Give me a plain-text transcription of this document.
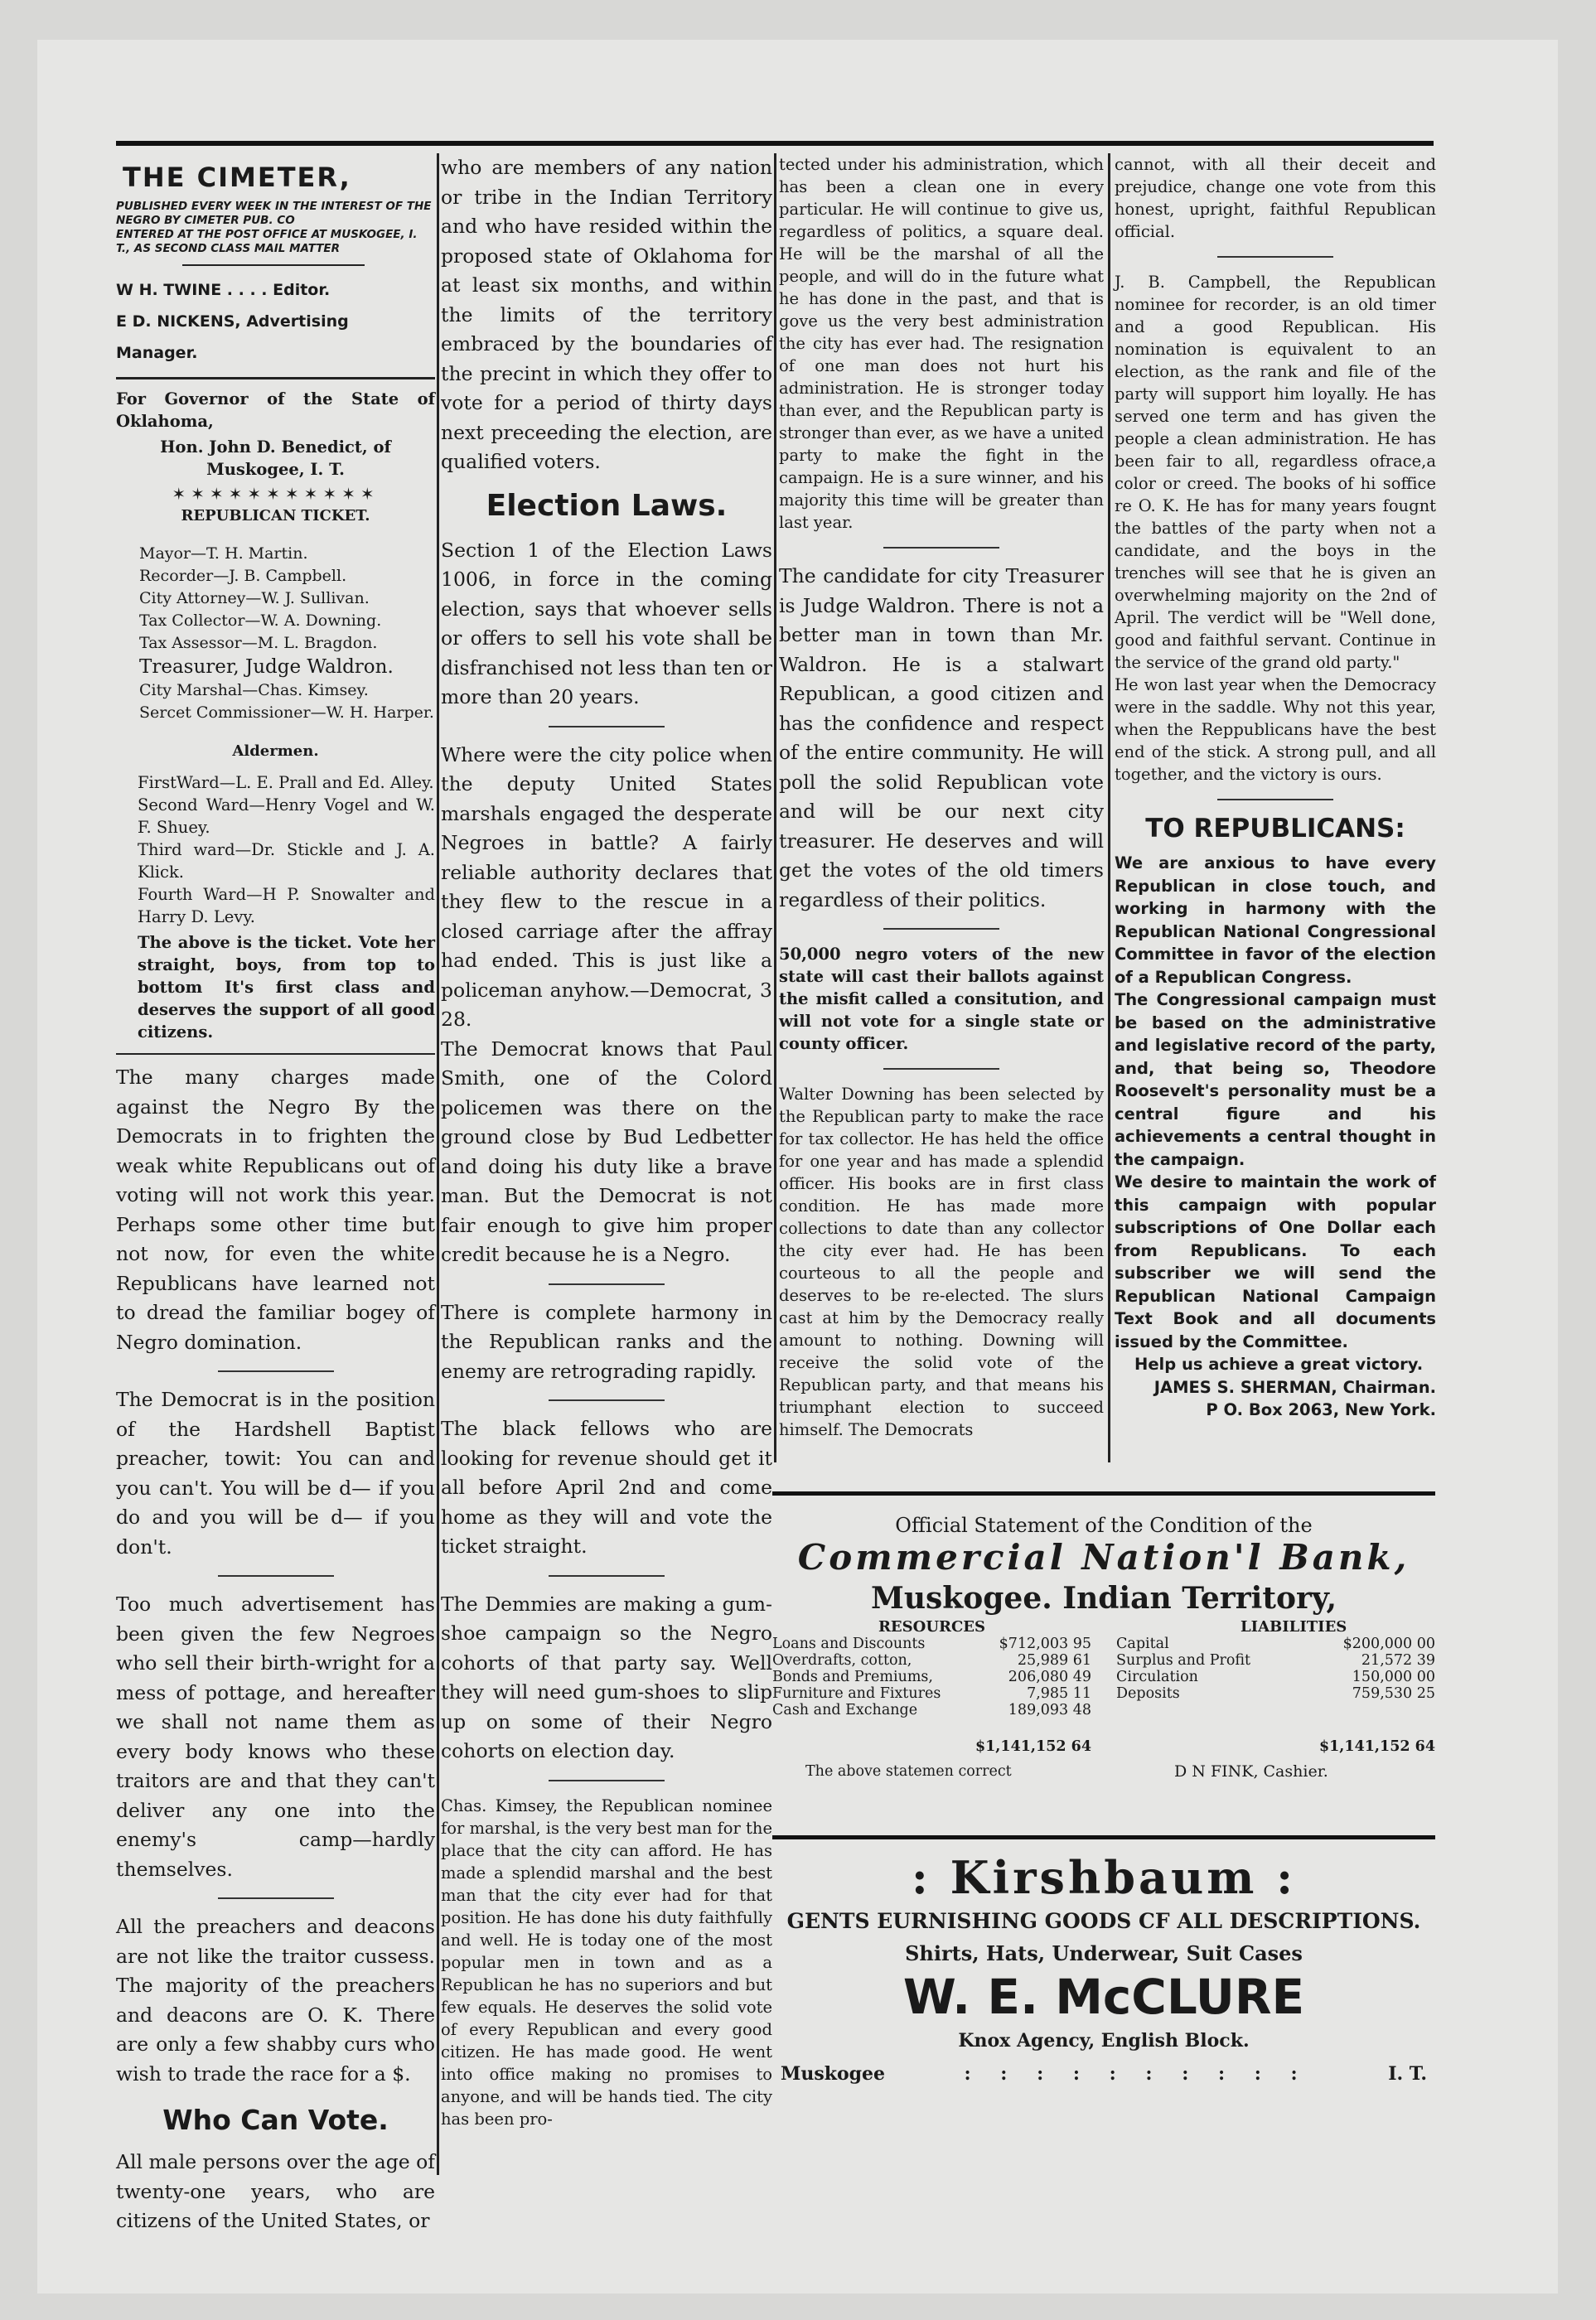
THE CIMETER,

PUBLISHED EVERY WEEK IN THE INTEREST OF THE NEGRO BY CIMETER PUB. CO

ENTERED AT THE POST OFFICE AT MUSKOGEE, I. T., AS SECOND CLASS MAIL MATTER

W H. TWINE . . . . Editor.

E D. NICKENS, Advertising Manager.

For Governor of the State of Oklahoma,

Hon. John D. Benedict, of Muskogee, I. T.

✶✶✶✶✶✶✶✶✶✶✶
REPUBLICAN TICKET.

Mayor—T. H. Martin.

Recorder—J. B. Campbell.

City Attorney—W. J. Sullivan.

Tax Collector—W. A. Downing.

Tax Assessor—M. L. Bragdon.

Treasurer, Judge Waldron.

City Marshal—Chas. Kimsey.

Sercet Commissioner—W. H. Harper.

Aldermen.

FirstWard—L. E. Prall and Ed. Alley.

Second Ward—Henry Vogel and W. F. Shuey.

Third ward—Dr. Stickle and J. A. Klick.

Fourth Ward—H P. Snowalter and Harry D. Levy.

The above is the ticket. Vote her straight, boys, from top to bottom It's first class and deserves the support of all good citizens.

The many charges made against the Negro By the Democrats in to frighten the weak white Republicans out of voting will not work this year. Perhaps some other time but not now, for even the white Republicans have learned not to dread the familiar bogey of Negro domination.

The Democrat is in the position of the Hardshell Baptist preacher, towit: You can and you can't. You will be d— if you do and you will be d— if you don't.

Too much advertisement has been given the few Negroes who sell their birth-wright for a mess of pottage, and hereafter we shall not name them as every body knows who these traitors are and that they can't deliver any one into the enemy's camp—hardly themselves.

All the preachers and deacons are not like the traitor cussess. The majority of the preachers and deacons are O. K. There are only a few shabby curs who wish to trade the race for a $.

Who Can Vote.

All male persons over the age of twenty-one years, who are citizens of the United States, or

who are members of any nation or tribe in the Indian Territory and who have resided within the proposed state of Oklahoma for at least six months, and within the limits of the territory embraced by the boundaries of the precint in which they offer to vote for a period of thirty days next preceeding the election, are qualified voters.

Election Laws.

Section 1 of the Election Laws 1006, in force in the coming election, says that whoever sells or offers to sell his vote shall be disfranchised not less than ten or more than 20 years.

Where were the city police when the deputy United States marshals engaged the desperate Negroes in battle? A fairly reliable authority declares that they flew to the rescue in a closed carriage after the affray had ended. This is just like a policeman anyhow.—Democrat, 3 28.

The Democrat knows that Paul Smith, one of the Colord policemen was there on the ground close by Bud Ledbetter and doing his duty like a brave man. But the Democrat is not fair enough to give him proper credit because he is a Negro.

There is complete harmony in the Republican ranks and the enemy are retrograding rapidly.

The black fellows who are looking for revenue should get it all before April 2nd and come home as they will and vote the ticket straight.

The Demmies are making a gum-shoe campaign so the Negro cohorts of that party say. Well they will need gum-shoes to slip up on some of their Negro cohorts on election day.

Chas. Kimsey, the Republican nominee for marshal, is the very best man for the place that the city can afford. He has made a splendid marshal and the best man that the city ever had for that position. He has done his duty faithfully and well. He is today one of the most popular men in town and as a Republican he has no superiors and but few equals. He deserves the solid vote of every Republican and every good citizen. He has made good. He went into office making no promises to anyone, and will be hands tied. The city has been pro-

tected under his administration, which has been a clean one in every particular. He will continue to give us, regardless of politics, a square deal. He will be the marshal of all the people, and will do in the future what he has done in the past, and that is gove us the very best administration the city has ever had. The resignation of one man does not hurt his administration. He is stronger today than ever, and the Republican party is stronger than ever, as we have a united party to make the fight in the campaign. He is a sure winner, and his majority this time will be greater than last year.

The candidate for city Treasurer is Judge Waldron. There is not a better man in town than Mr. Waldron. He is a stalwart Republican, a good citizen and has the confidence and respect of the entire community. He will poll the solid Republican vote and will be our next city treasurer. He deserves and will get the votes of the old timers regardless of their politics.

50,000 negro voters of the new state will cast their ballots against the misfit called a consitution, and will not vote for a single state or county officer.

Walter Downing has been selected by the Republican party to make the race for tax collector. He has held the office for one year and has made a splendid officer. His books are in first class condition. He has made more collections to date than any collector the city ever had. He has been courteous to all the people and deserves to be re-elected. The slurs cast at him by the Democracy really amount to nothing. Downing will receive the solid vote of the Republican party, and that means his triumphant election to succeed himself. The Democrats

cannot, with all their deceit and prejudice, change one vote from this honest, upright, faithful Republican official.

J. B. Campbell, the Republican nominee for recorder, is an old timer and a good Republican. His nomination is equivalent to an election, as the rank and file of the party will support him loyally. He has served one term and has given the people a clean administration. He has been fair to all, regardless ofrace,a color or creed. The books of hi soffice re O. K. He has for many years fougnt the battles of the party when not a candidate, and the boys in the trenches will see that he is given an overwhelming majority on the 2nd of April. The verdict will be "Well done, good and faithful servant. Continue in the service of the grand old party."

He won last year when the Democracy were in the saddle. Why not this year, when the Reppublicans have the best end of the stick. A strong pull, and all together, and the victory is ours.

TO REPUBLICANS:

We are anxious to have every Republican in close touch, and working in harmony with the Republican National Congressional Committee in favor of the election of a Republican Congress.

The Congressional campaign must be based on the administrative and legislative record of the party, and, that being so, Theodore Roosevelt's personality must be a central figure and his achievements a central thought in the campaign.

We desire to maintain the work of this campaign with popular subscriptions of One Dollar each from Republicans. To each subscriber we will send the Republican National Campaign Text Book and all documents issued by the Committee.

Help us achieve a great victory.

JAMES S. SHERMAN, Chairman.

P O. Box 2063, New York.

Official Statement of the Condition of the
Commercial Nation'l Bank,
Muskogee. Indian Territory,
RESOURCES
Loans and Discounts	$712,003 95
Overdrafts, cotton,	25,989 61
Bonds and Premiums,	206,080 49
Furniture and Fixtures	7,985 11
Cash and Exchange	189,093 48
$1,141,152 64
The above statemen correct
LIABILITIES
Capital	$200,000 00
Surplus and Profit	21,572 39
Circulation	150,000 00
Deposits	759,530 25
$1,141,152 64
D N FINK, Cashier.
: Kirshbaum :
GENTS EURNISHING GOODS CF ALL DESCRIPTIONS.
Shirts, Hats, Underwear, Suit Cases
W. E. McCLURE
Knox Agency, English Block.
Muskogee	: : : : : : : : : :	I. T.
